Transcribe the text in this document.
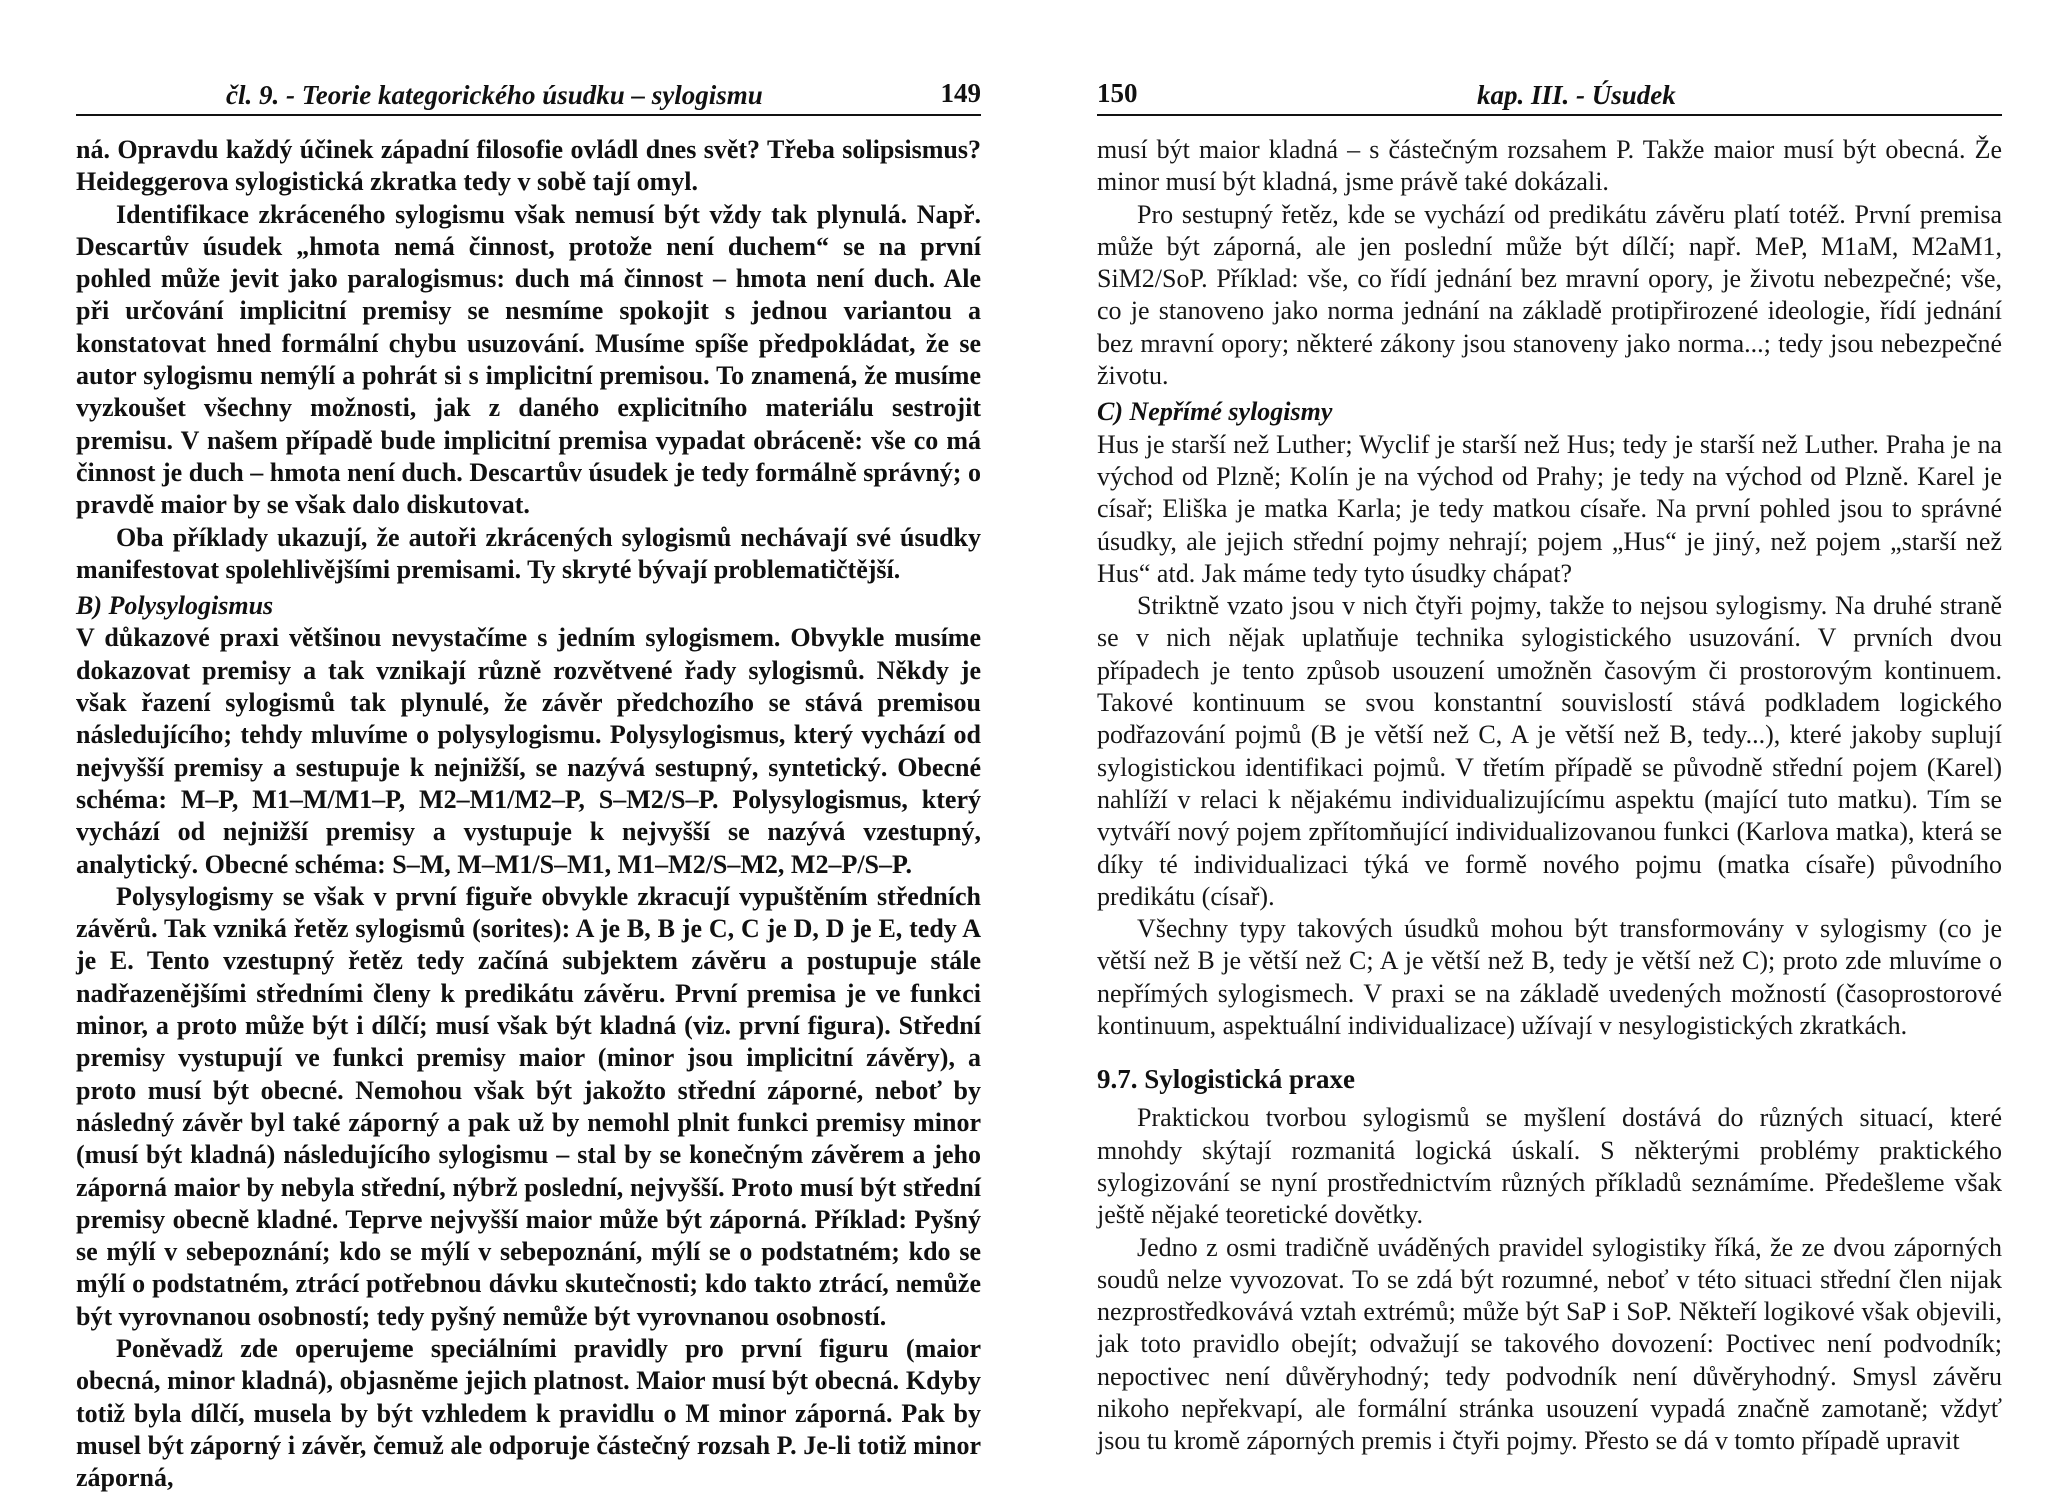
čl. 9. - Teorie kategorického úsudku – sylogismu	149

ná. Opravdu každý účinek západní filosofie ovládl dnes svět? Třeba solipsismus? Heideggerova sylogistická zkratka tedy v sobě tají omyl.

Identifikace zkráceného sylogismu však nemusí být vždy tak plynulá. Např. Descartův úsudek „hmota nemá činnost, protože není duchem“ se na první pohled může jevit jako paralogismus: duch má činnost – hmota není duch. Ale při určování implicitní premisy se nesmíme spokojit s jednou variantou a konstatovat hned formální chybu usuzování. Musíme spíše předpokládat, že se autor sylogismu nemýlí a pohrát si s implicitní premisou. To znamená, že musíme vyzkoušet všechny možnosti, jak z daného explicitního materiálu sestrojit premisu. V našem případě bude implicitní premisa vypadat obráceně: vše co má činnost je duch – hmota není duch. Descartův úsudek je tedy formálně správný; o pravdě maior by se však dalo diskutovat.

Oba příklady ukazují, že autoři zkrácených sylogismů nechávají své úsudky manifestovat spolehlivějšími premisami. Ty skryté bývají problematičtější.

B) Polysylogismus

V důkazové praxi většinou nevystačíme s jedním sylogismem. Obvykle musíme dokazovat premisy a tak vznikají různě rozvětvené řady sylogismů. Někdy je však řazení sylogismů tak plynulé, že závěr předchozího se stává premisou následujícího; tehdy mluvíme o polysylogismu. Polysylogismus, který vychází od nejvyšší premisy a sestupuje k nejnižší, se nazývá sestupný, syntetický. Obecné schéma: M–P, M1–M/M1–P, M2–M1/M2–P, S–M2/S–P. Polysylogismus, který vychází od nejnižší premisy a vystupuje k nejvyšší se nazývá vzestupný, analytický. Obecné schéma: S–M, M–M1/S–M1, M1–M2/S–M2, M2–P/S–P.

Polysylogismy se však v první figuře obvykle zkracují vypuštěním středních závěrů. Tak vzniká řetěz sylogismů (sorites): A je B, B je C, C je D, D je E, tedy A je E. Tento vzestupný řetěz tedy začíná subjektem závěru a postupuje stále nadřazenějšími středními členy k predikátu závěru. První premisa je ve funkci minor, a proto může být i dílčí; musí však být kladná (viz. první figura). Střední premisy vystupují ve funkci premisy maior (minor jsou implicitní závěry), a proto musí být obecné. Nemohou však být jakožto střední záporné, neboť by následný závěr byl také záporný a pak už by nemohl plnit funkci premisy minor (musí být kladná) následujícího sylogismu – stal by se konečným závěrem a jeho záporná maior by nebyla střední, nýbrž poslední, nejvyšší. Proto musí být střední premisy obecně kladné. Teprve nejvyšší maior může být záporná. Příklad: Pyšný se mýlí v sebepoznání; kdo se mýlí v sebepoznání, mýlí se o podstatném; kdo se mýlí o podstatném, ztrácí potřebnou dávku skutečnosti; kdo takto ztrácí, nemůže být vyrovnanou osobností; tedy pyšný nemůže být vyrovnanou osobností.

Poněvadž zde operujeme speciálními pravidly pro první figuru (maior obecná, minor kladná), objasněme jejich platnost. Maior musí být obecná. Kdyby totiž byla dílčí, musela by být vzhledem k pravidlu o M minor záporná. Pak by musel být záporný i závěr, čemuž ale odporuje částečný rozsah P. Je-li totiž minor záporná,

150	kap. III. - Úsudek

musí být maior kladná – s částečným rozsahem P. Takže maior musí být obecná. Že minor musí být kladná, jsme právě také dokázali.

Pro sestupný řetěz, kde se vychází od predikátu závěru platí totéž. První premisa může být záporná, ale jen poslední může být dílčí; např. MeP, M1aM, M2aM1, SiM2/SoP. Příklad: vše, co řídí jednání bez mravní opory, je životu nebezpečné; vše, co je stanoveno jako norma jednání na základě protipřirozené ideologie, řídí jednání bez mravní opory; některé zákony jsou stanoveny jako norma...; tedy jsou nebezpečné životu.

C) Nepřímé sylogismy

Hus je starší než Luther; Wyclif je starší než Hus; tedy je starší než Luther. Praha je na východ od Plzně; Kolín je na východ od Prahy; je tedy na východ od Plzně. Karel je císař; Eliška je matka Karla; je tedy matkou císaře. Na první pohled jsou to správné úsudky, ale jejich střední pojmy nehrají; pojem „Hus“ je jiný, než pojem „starší než Hus“ atd. Jak máme tedy tyto úsudky chápat?

Striktně vzato jsou v nich čtyři pojmy, takže to nejsou sylogismy. Na druhé straně se v nich nějak uplatňuje technika sylogistického usuzování. V prvních dvou případech je tento způsob usouzení umožněn časovým či prostorovým kontinuem. Takové kontinuum se svou konstantní souvislostí stává podkladem logického podřazování pojmů (B je větší než C, A je větší než B, tedy...), které jakoby suplují sylogistickou identifikaci pojmů. V třetím případě se původně střední pojem (Karel) nahlíží v relaci k nějakému individualizujícímu aspektu (mající tuto matku). Tím se vytváří nový pojem zpřítomňující individualizovanou funkci (Karlova matka), která se díky té individualizaci týká ve formě nového pojmu (matka císaře) původního predikátu (císař).

Všechny typy takových úsudků mohou být transformovány v sylogismy (co je větší než B je větší než C; A je větší než B, tedy je větší než C); proto zde mluvíme o nepřímých sylogismech. V praxi se na základě uvedených možností (časoprostorové kontinuum, aspektuální individualizace) užívají v nesylogistických zkratkách.

9.7. Sylogistická praxe

Praktickou tvorbou sylogismů se myšlení dostává do různých situací, které mnohdy skýtají rozmanitá logická úskalí. S některými problémy praktického sylogizování se nyní prostřednictvím různých příkladů seznámíme. Předešleme však ještě nějaké teoretické dovětky.

Jedno z osmi tradičně uváděných pravidel sylogistiky říká, že ze dvou záporných soudů nelze vyvozovat. To se zdá být rozumné, neboť v této situaci střední člen nijak nezprostředkovává vztah extrémů; může být SaP i SoP. Někteří logikové však objevili, jak toto pravidlo obejít; odvažují se takového dovození: Poctivec není podvodník; nepoctivec není důvěryhodný; tedy podvodník není důvěryhodný. Smysl závěru nikoho nepřekvapí, ale formální stránka usouzení vypadá značně zamotaně; vždyť jsou tu kromě záporných premis i čtyři pojmy. Přesto se dá v tomto případě upravit
